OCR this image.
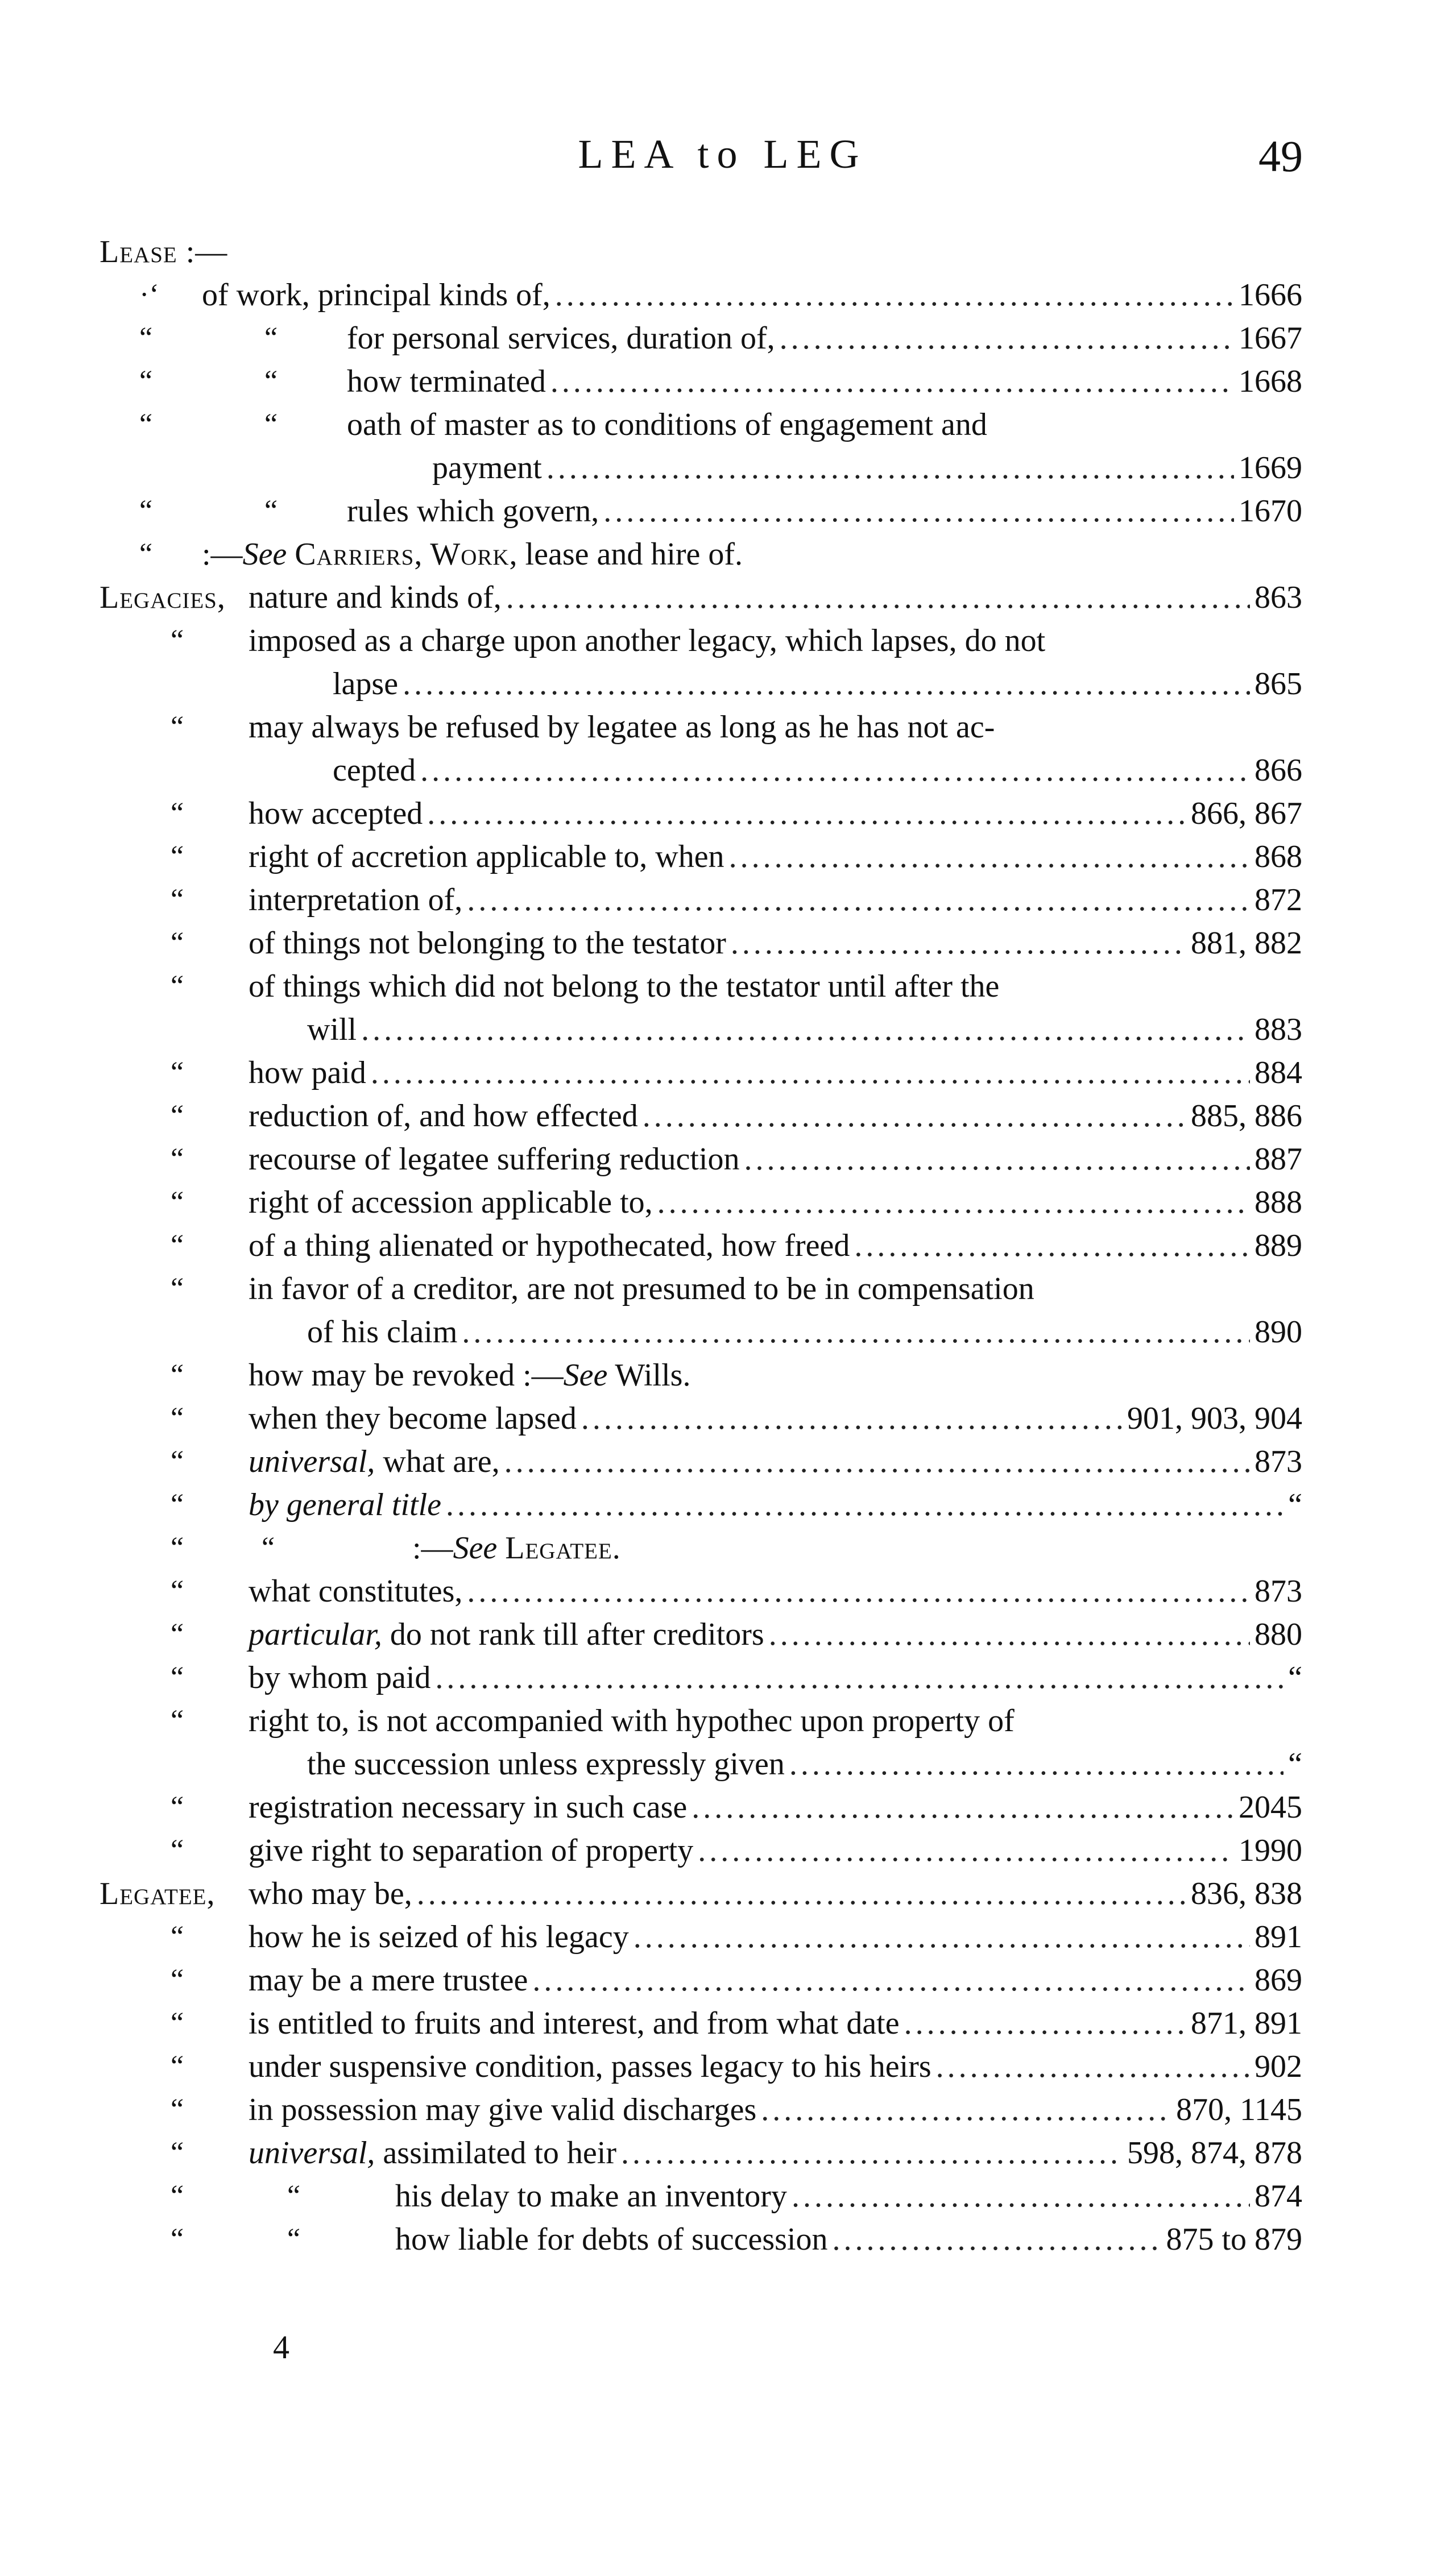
LEA to LEG	49
Lease :—
·‘ of work, principal kinds of, . . .	1666
“	“ for personal services, duration of, . . .	1667
“	“ how terminated . . .	1668
“	“ oath of master as to conditions of engagement and
payment . . .	1669
“	“ rules which govern, . . .	1670
“ :—See Carriers, Work, lease and hire of.
Legacies, nature and kinds of, . . .	863
“ imposed as a charge upon another legacy, which lapses, do not
lapse . . .	865
“ may always be refused by legatee as long as he has not ac-
cepted . . .	866
“ how accepted . . .	866, 867
“ right of accretion applicable to, when . . .	868
“ interpretation of, . . .	872
“ of things not belonging to the testator . . .	881, 882
“ of things which did not belong to the testator until after the
will . . .	883
“ how paid . . .	884
“ reduction of, and how effected . . .	885, 886
“ recourse of legatee suffering reduction . . .	887
“ right of accession applicable to, . . .	888
“ of a thing alienated or hypothecated, how freed . . .	889
“ in favor of a creditor, are not presumed to be in compensation
of his claim . . .	890
“ how may be revoked :—See Wills.
“ when they become lapsed . . .	901, 903, 904
“ universal, what are, . . .	873
“ by general title . . .	“
“	“	:—See Legatee.
“ what constitutes, . . .	873
“ particular, do not rank till after creditors . . .	880
“ by whom paid . . .	“
“ right to, is not accompanied with hypothec upon property of
the succession unless expressly given . . .	“
“ registration necessary in such case . . .	2045
“ give right to separation of property . . .	1990
Legatee, who may be, . . .	836, 838
“ how he is seized of his legacy . . .	891
“ may be a mere trustee . . .	869
“ is entitled to fruits and interest, and from what date . . .	871, 891
“ under suspensive condition, passes legacy to his heirs . . .	902
“ in possession may give valid discharges . . .	870, 1145
“ universal, assimilated to heir . . .	598, 874, 878
“	“	his delay to make an inventory . . .	874
“	“	how liable for debts of succession . . .	875 to 879
4
